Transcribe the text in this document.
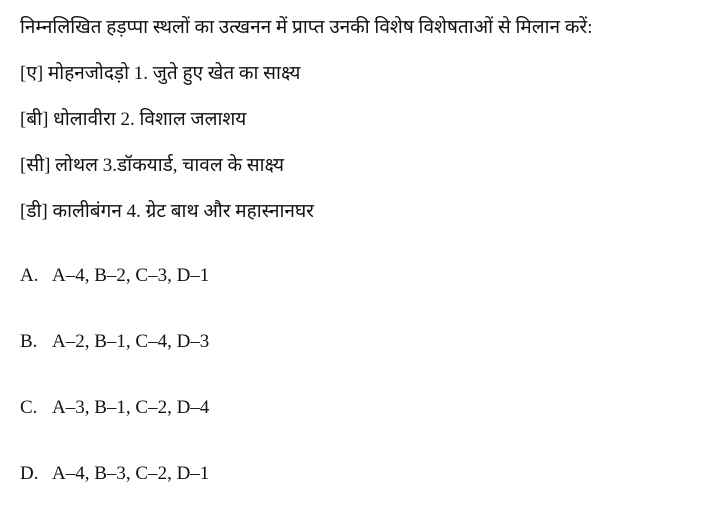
निम्नलिखित हड़प्पा स्थलों का उत्खनन में प्राप्त उनकी विशेष विशेषताओं से मिलान करें:
[ए] मोहनजोदड़ो 1. जुते हुए खेत का साक्ष्य
[बी] धोलावीरा 2. विशाल जलाशय
[सी] लोथल 3.डॉकयार्ड, चावल के साक्ष्य
[डी] कालीबंगन 4. ग्रेट बाथ और महास्नानघर
A. A–4, B–2, C–3, D–1
B. A–2, B–1, C–4, D–3
C. A–3, B–1, C–2, D–4
D. A–4, B–3, C–2, D–1
